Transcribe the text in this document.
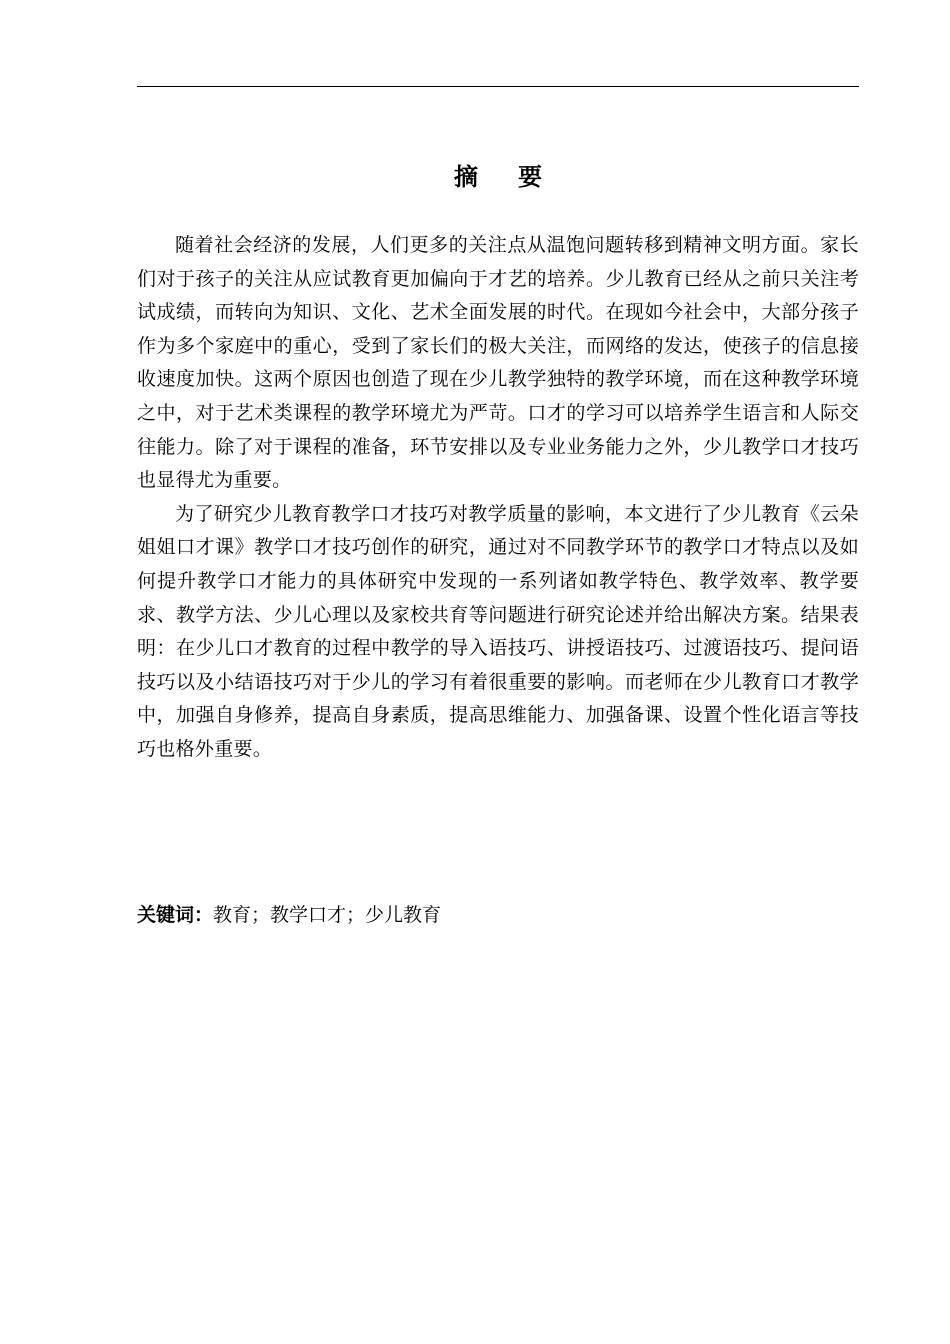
摘 要

随着社会经济的发展，人们更多的关注点从温饱问题转移到精神文明方面。家长们对于孩子的关注从应试教育更加偏向于才艺的培养。少儿教育已经从之前只关注考试成绩，而转向为知识、文化、艺术全面发展的时代。在现如今社会中，大部分孩子作为多个家庭中的重心，受到了家长们的极大关注，而网络的发达，使孩子的信息接收速度加快。这两个原因也创造了现在少儿教学独特的教学环境，而在这种教学环境之中，对于艺术类课程的教学环境尤为严苛。口才的学习可以培养学生语言和人际交往能力。除了对于课程的准备，环节安排以及专业业务能力之外，少儿教学口才技巧也显得尤为重要。

为了研究少儿教育教学口才技巧对教学质量的影响，本文进行了少儿教育《云朵姐姐口才课》教学口才技巧创作的研究，通过对不同教学环节的教学口才特点以及如何提升教学口才能力的具体研究中发现的一系列诸如教学特色、教学效率、教学要求、教学方法、少儿心理以及家校共育等问题进行研究论述并给出解决方案。结果表明：在少儿口才教育的过程中教学的导入语技巧、讲授语技巧、过渡语技巧、提问语技巧以及小结语技巧对于少儿的学习有着很重要的影响。而老师在少儿教育口才教学中，加强自身修养，提高自身素质，提高思维能力、加强备课、设置个性化语言等技巧也格外重要。

关键词：教育；教学口才；少儿教育
